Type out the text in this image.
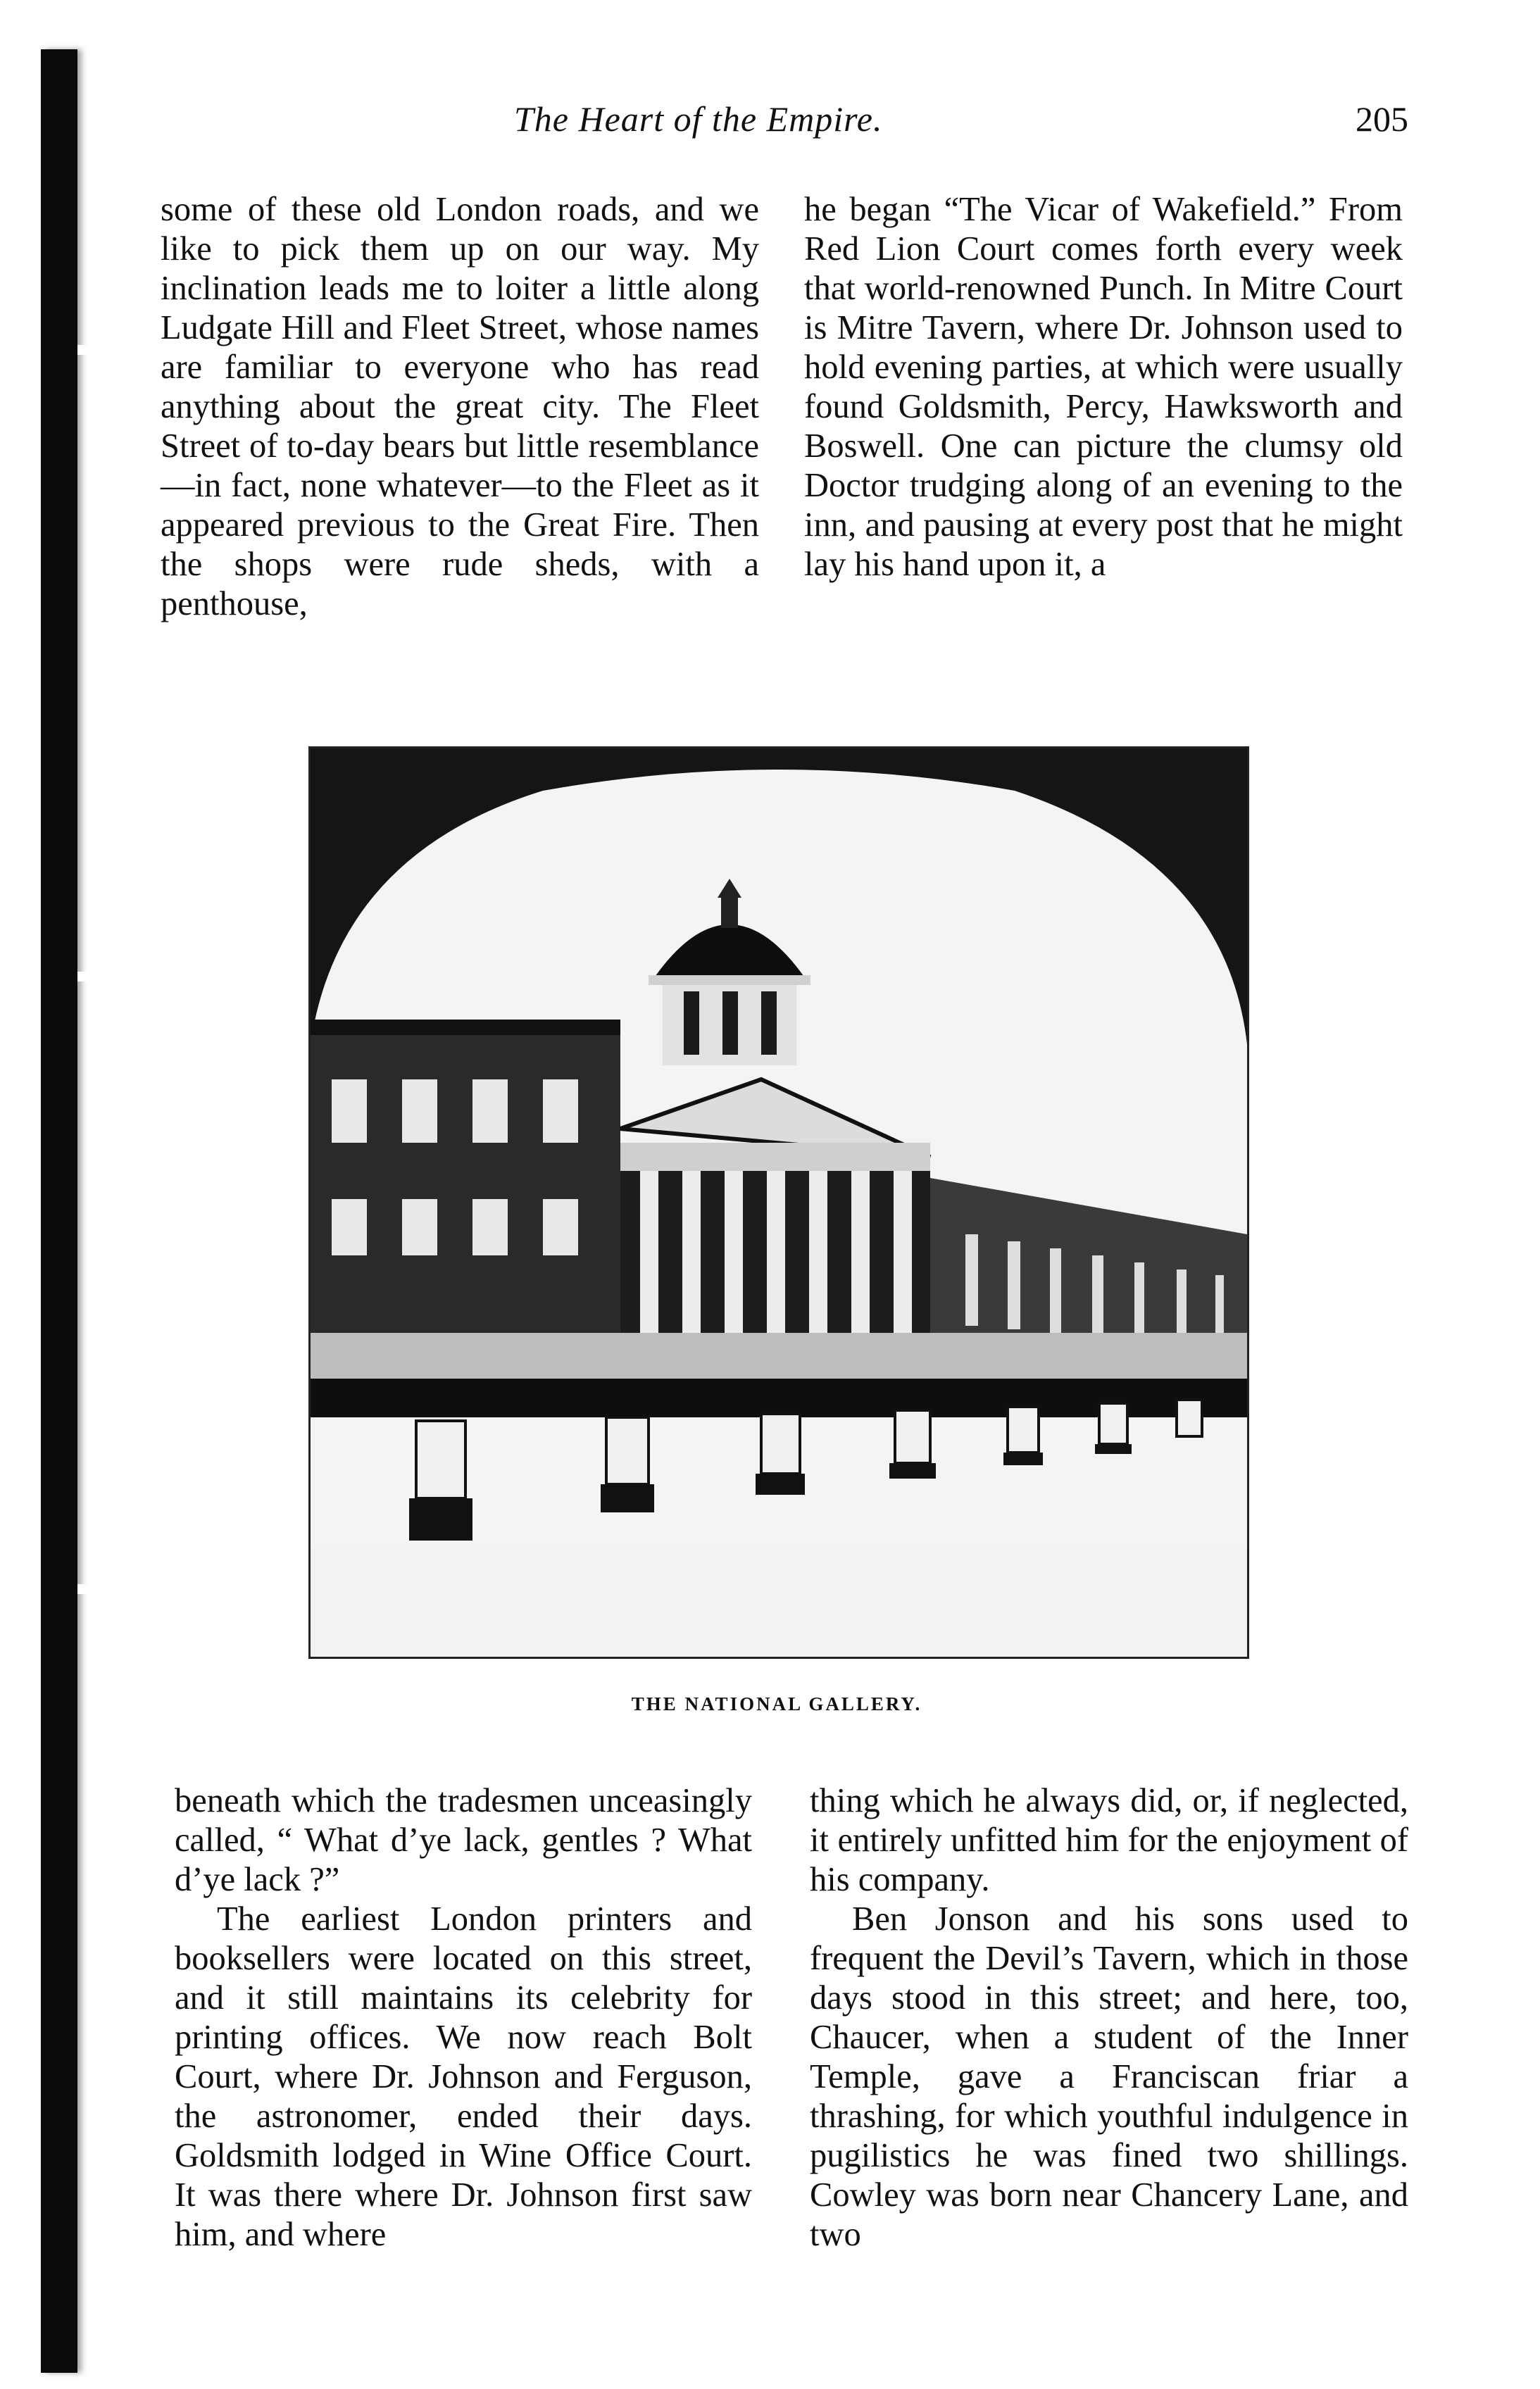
The Heart of the Empire.	205

some of these old London roads, and we like to pick them up on our way. My inclination leads me to loiter a little along Ludgate Hill and Fleet Street, whose names are familiar to everyone who has read anything about the great city. The Fleet Street of to-day bears but little resemblance —in fact, none whatever—to the Fleet as it appeared previous to the Great Fire. Then the shops were rude sheds, with a penthouse,

he began “The Vicar of Wakefield.” From Red Lion Court comes forth every week that world-renowned Punch. In Mitre Court is Mitre Tavern, where Dr. Johnson used to hold evening parties, at which were usually found Goldsmith, Percy, Hawksworth and Boswell. One can picture the clumsy old Doctor trudging along of an evening to the inn, and pausing at every post that he might lay his hand upon it, a

THE NATIONAL GALLERY.

beneath which the tradesmen unceasingly called, “ What d’ye lack, gentles ? What d’ye lack ?”

The earliest London printers and booksellers were located on this street, and it still maintains its celebrity for printing offices. We now reach Bolt Court, where Dr. Johnson and Ferguson, the astronomer, ended their days. Goldsmith lodged in Wine Office Court. It was there where Dr. Johnson first saw him, and where

thing which he always did, or, if neglected, it entirely unfitted him for the enjoyment of his company.

Ben Jonson and his sons used to frequent the Devil’s Tavern, which in those days stood in this street; and here, too, Chaucer, when a student of the Inner Temple, gave a Franciscan friar a thrashing, for which youthful indulgence in pugilistics he was fined two shillings. Cowley was born near Chancery Lane, and two
